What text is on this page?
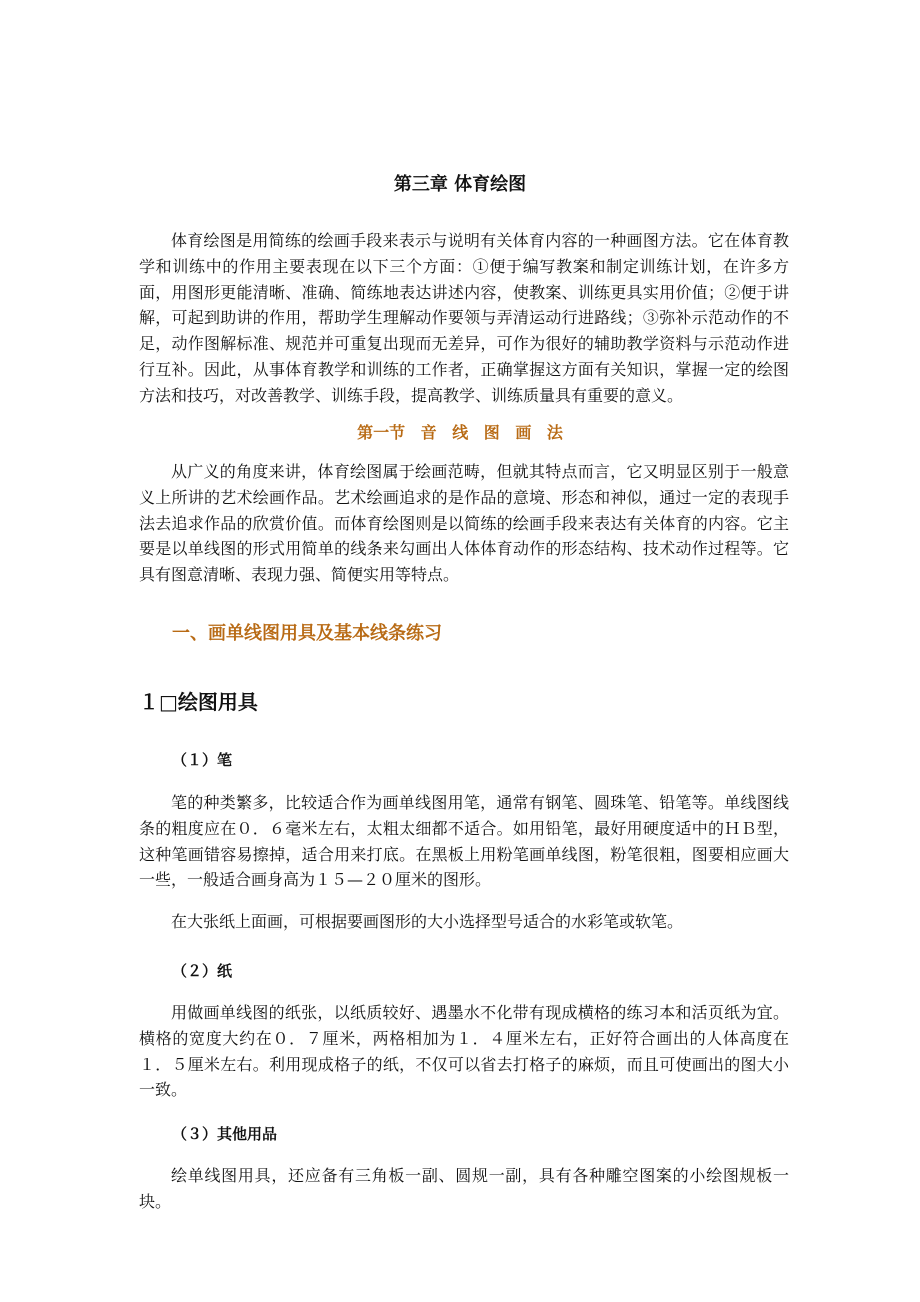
第三章 体育绘图

体育绘图是用简练的绘画手段来表示与说明有关体育内容的一种画图方法。它在体育教学和训练中的作用主要表现在以下三个方面：①便于编写教案和制定训练计划，在许多方面，用图形更能清晰、准确、简练地表达讲述内容，使教案、训练更具实用价值；②便于讲解，可起到助讲的作用，帮助学生理解动作要领与弄清运动行进路线；③弥补示范动作的不足，动作图解标准、规范并可重复出现而无差异，可作为很好的辅助教学资料与示范动作进行互补。因此，从事体育教学和训练的工作者，正确掌握这方面有关知识，掌握一定的绘图方法和技巧，对改善教学、训练手段，提高教学、训练质量具有重要的意义。

第一节 音 线 图 画 法

从广义的角度来讲，体育绘图属于绘画范畴，但就其特点而言，它又明显区别于一般意义上所讲的艺术绘画作品。艺术绘画追求的是作品的意境、形态和神似，通过一定的表现手法去追求作品的欣赏价值。而体育绘图则是以简练的绘画手段来表达有关体育的内容。它主要是以单线图的形式用简单的线条来勾画出人体体育动作的形态结构、技术动作过程等。它具有图意清晰、表现力强、简便实用等特点。

一、画单线图用具及基本线条练习
１□绘图用具
（１）笔

笔的种类繁多，比较适合作为画单线图用笔，通常有钢笔、圆珠笔、铅笔等。单线图线条的粗度应在０．６毫米左右，太粗太细都不适合。如用铅笔，最好用硬度适中的ＨＢ型，这种笔画错容易擦掉，适合用来打底。在黑板上用粉笔画单线图，粉笔很粗，图要相应画大一些，一般适合画身高为１５—２０厘米的图形。

在大张纸上面画，可根据要画图形的大小选择型号适合的水彩笔或软笔。

（２）纸

用做画单线图的纸张，以纸质较好、遇墨水不化带有现成横格的练习本和活页纸为宜。横格的宽度大约在０．７厘米，两格相加为１．４厘米左右，正好符合画出的人体高度在１．５厘米左右。利用现成格子的纸，不仅可以省去打格子的麻烦，而且可使画出的图大小一致。

（３）其他用品

绘单线图用具，还应备有三角板一副、圆规一副，具有各种雕空图案的小绘图规板一块。
